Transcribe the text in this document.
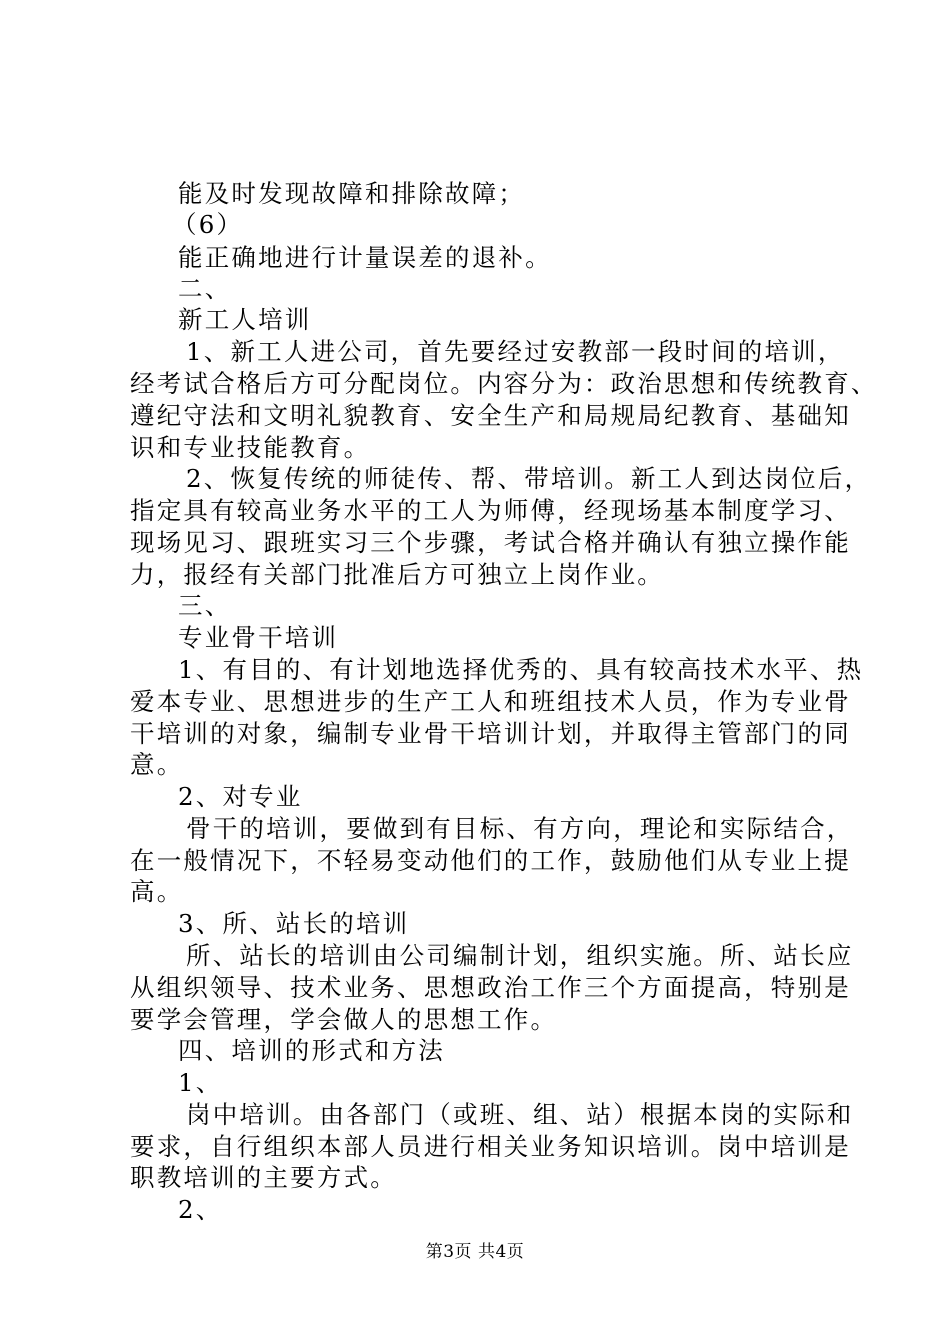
能及时发现故障和排除故障；
（6）
能正确地进行计量误差的退补。
二、
新工人培训
1、新工人进公司，首先要经过安教部一段时间的培训，
经考试合格后方可分配岗位。内容分为：政治思想和传统教育、
遵纪守法和文明礼貌教育、安全生产和局规局纪教育、基础知
识和专业技能教育。
2、恢复传统的师徒传、帮、带培训。新工人到达岗位后，
指定具有较高业务水平的工人为师傅，经现场基本制度学习、
现场见习、跟班实习三个步骤，考试合格并确认有独立操作能
力，报经有关部门批准后方可独立上岗作业。
三、
专业骨干培训
1、有目的、有计划地选择优秀的、具有较高技术水平、热
爱本专业、思想进步的生产工人和班组技术人员，作为专业骨
干培训的对象，编制专业骨干培训计划，并取得主管部门的同
意。
2、对专业
骨干的培训，要做到有目标、有方向，理论和实际结合，
在一般情况下，不轻易变动他们的工作，鼓励他们从专业上提
高。
3、所、站长的培训
所、站长的培训由公司编制计划，组织实施。所、站长应
从组织领导、技术业务、思想政治工作三个方面提高，特别是
要学会管理，学会做人的思想工作。
四、培训的形式和方法
1、
岗中培训。由各部门（或班、组、站）根据本岗的实际和
要求，自行组织本部人员进行相关业务知识培训。岗中培训是
职教培训的主要方式。
2、
第3页 共4页
